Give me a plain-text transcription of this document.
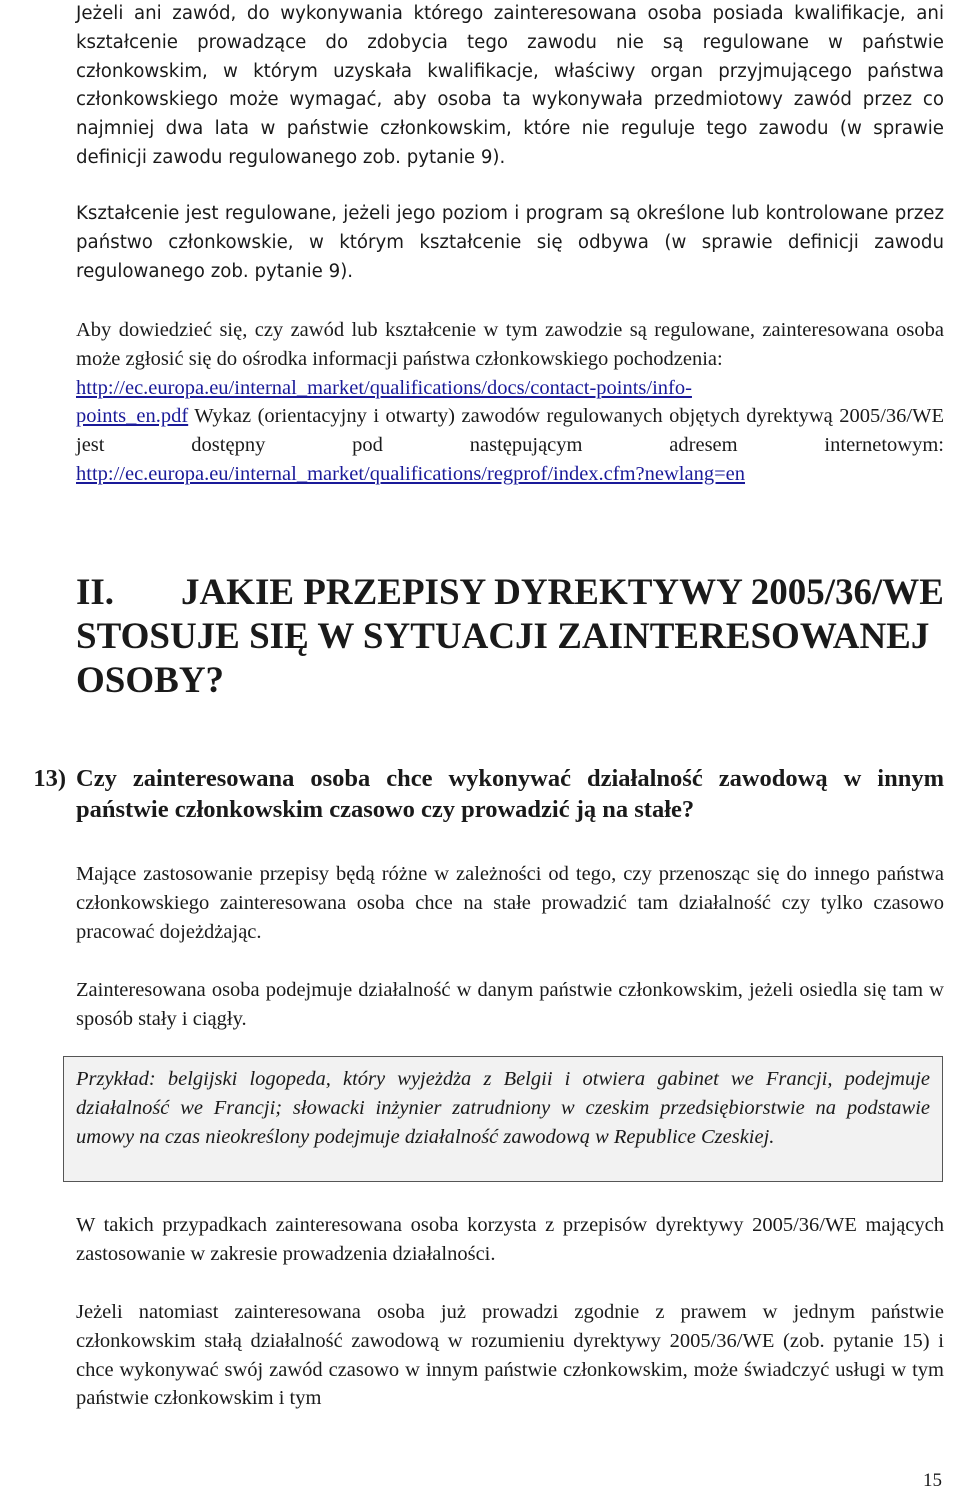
Jeżeli ani zawód, do wykonywania którego zainteresowana osoba posiada kwalifikacje, ani kształcenie prowadzące do zdobycia tego zawodu nie są regulowane w państwie członkowskim, w którym uzyskała kwalifikacje, właściwy organ przyjmującego państwa członkowskiego może wymagać, aby osoba ta wykonywała przedmiotowy zawód przez co najmniej dwa lata w państwie członkowskim, które nie reguluje tego zawodu (w sprawie definicji zawodu regulowanego zob. pytanie 9).

Kształcenie jest regulowane, jeżeli jego poziom i program są określone lub kontrolowane przez państwo członkowskie, w którym kształcenie się odbywa (w sprawie definicji zawodu regulowanego zob. pytanie 9).

Aby dowiedzieć się, czy zawód lub kształcenie w tym zawodzie są regulowane, zainteresowana osoba może zgłosić się do ośrodka informacji państwa członkowskiego pochodzenia:
http://ec.europa.eu/internal_market/qualifications/docs/contact-points/info-
points_en.pdf Wykaz (orientacyjny i otwarty) zawodów regulowanych objętych dyrektywą 2005/36/WE jest dostępny pod następującym adresem internetowym: http://ec.europa.eu/internal_market/qualifications/regprof/index.cfm?newlang=en
II.	JAKIE PRZEPISY DYREKTYWY 2005/36/WE
STOSUJE SIĘ W SYTUACJI ZAINTERESOWANEJ
OSOBY?
13) Czy zainteresowana osoba chce wykonywać działalność zawodową w innym państwie członkowskim czasowo czy prowadzić ją na stałe?

Mające zastosowanie przepisy będą różne w zależności od tego, czy przenosząc się do innego państwa członkowskiego zainteresowana osoba chce na stałe prowadzić tam działalność czy tylko czasowo pracować dojeżdżając.

Zainteresowana osoba podejmuje działalność w danym państwie członkowskim, jeżeli osiedla się tam w sposób stały i ciągły.

Przykład: belgijski logopeda, który wyjeżdża z Belgii i otwiera gabinet we Francji, podejmuje działalność we Francji; słowacki inżynier zatrudniony w czeskim przedsiębiorstwie na podstawie umowy na czas nieokreślony podejmuje działalność zawodową w Republice Czeskiej.

W takich przypadkach zainteresowana osoba korzysta z przepisów dyrektywy 2005/36/WE mających zastosowanie w zakresie prowadzenia działalności.

Jeżeli natomiast zainteresowana osoba już prowadzi zgodnie z prawem w jednym państwie członkowskim stałą działalność zawodową w rozumieniu dyrektywy 2005/36/WE (zob. pytanie 15) i chce wykonywać swój zawód czasowo w innym państwie członkowskim, może świadczyć usługi w tym państwie członkowskim i tym

15
